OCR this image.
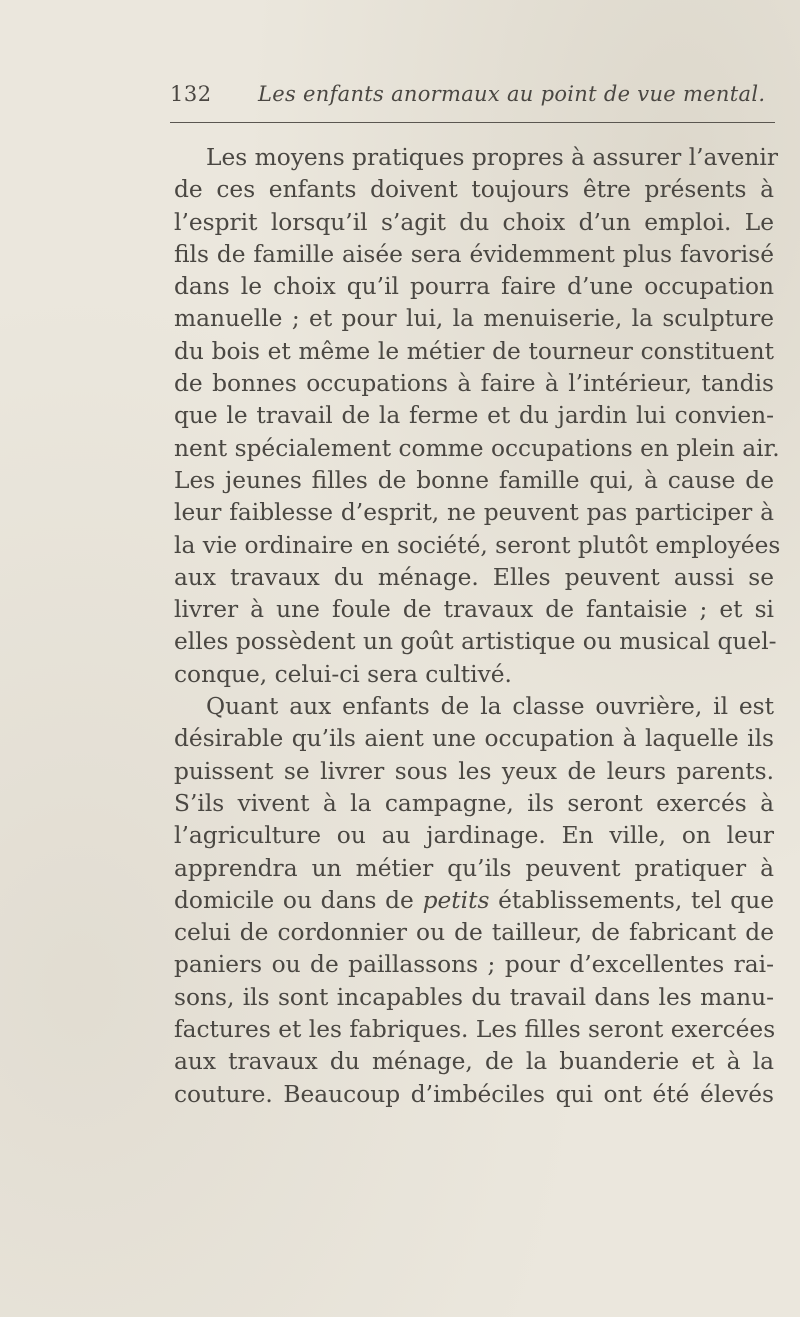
132 Les enfants anormaux au point de vue mental.
Les moyens pratiques propres à assurer l’avenir
de ces enfants doivent toujours être présents à
l’esprit lorsqu’il s’agit du choix d’un emploi. Le
fils de famille aisée sera évidemment plus favorisé
dans le choix qu’il pourra faire d’une occupation
manuelle ; et pour lui, la menuiserie, la sculpture
du bois et même le métier de tourneur constituent
de bonnes occupations à faire à l’intérieur, tandis
que le travail de la ferme et du jardin lui convien-
nent spécialement comme occupations en plein air.
Les jeunes filles de bonne famille qui, à cause de
leur faiblesse d’esprit, ne peuvent pas participer à
la vie ordinaire en société, seront plutôt employées
aux travaux du ménage. Elles peuvent aussi se
livrer à une foule de travaux de fantaisie ; et si
elles possèdent un goût artistique ou musical quel-
conque, celui-ci sera cultivé.
Quant aux enfants de la classe ouvrière, il est
désirable qu’ils aient une occupation à laquelle ils
puissent se livrer sous les yeux de leurs parents.
S’ils vivent à la campagne, ils seront exercés à
l’agriculture ou au jardinage. En ville, on leur
apprendra un métier qu’ils peuvent pratiquer à
domicile ou dans de petits établissements, tel que
celui de cordonnier ou de tailleur, de fabricant de
paniers ou de paillassons ; pour d’excellentes rai-
sons, ils sont incapables du travail dans les manu-
factures et les fabriques. Les filles seront exercées
aux travaux du ménage, de la buanderie et à la
couture. Beaucoup d’imbéciles qui ont été élevés
